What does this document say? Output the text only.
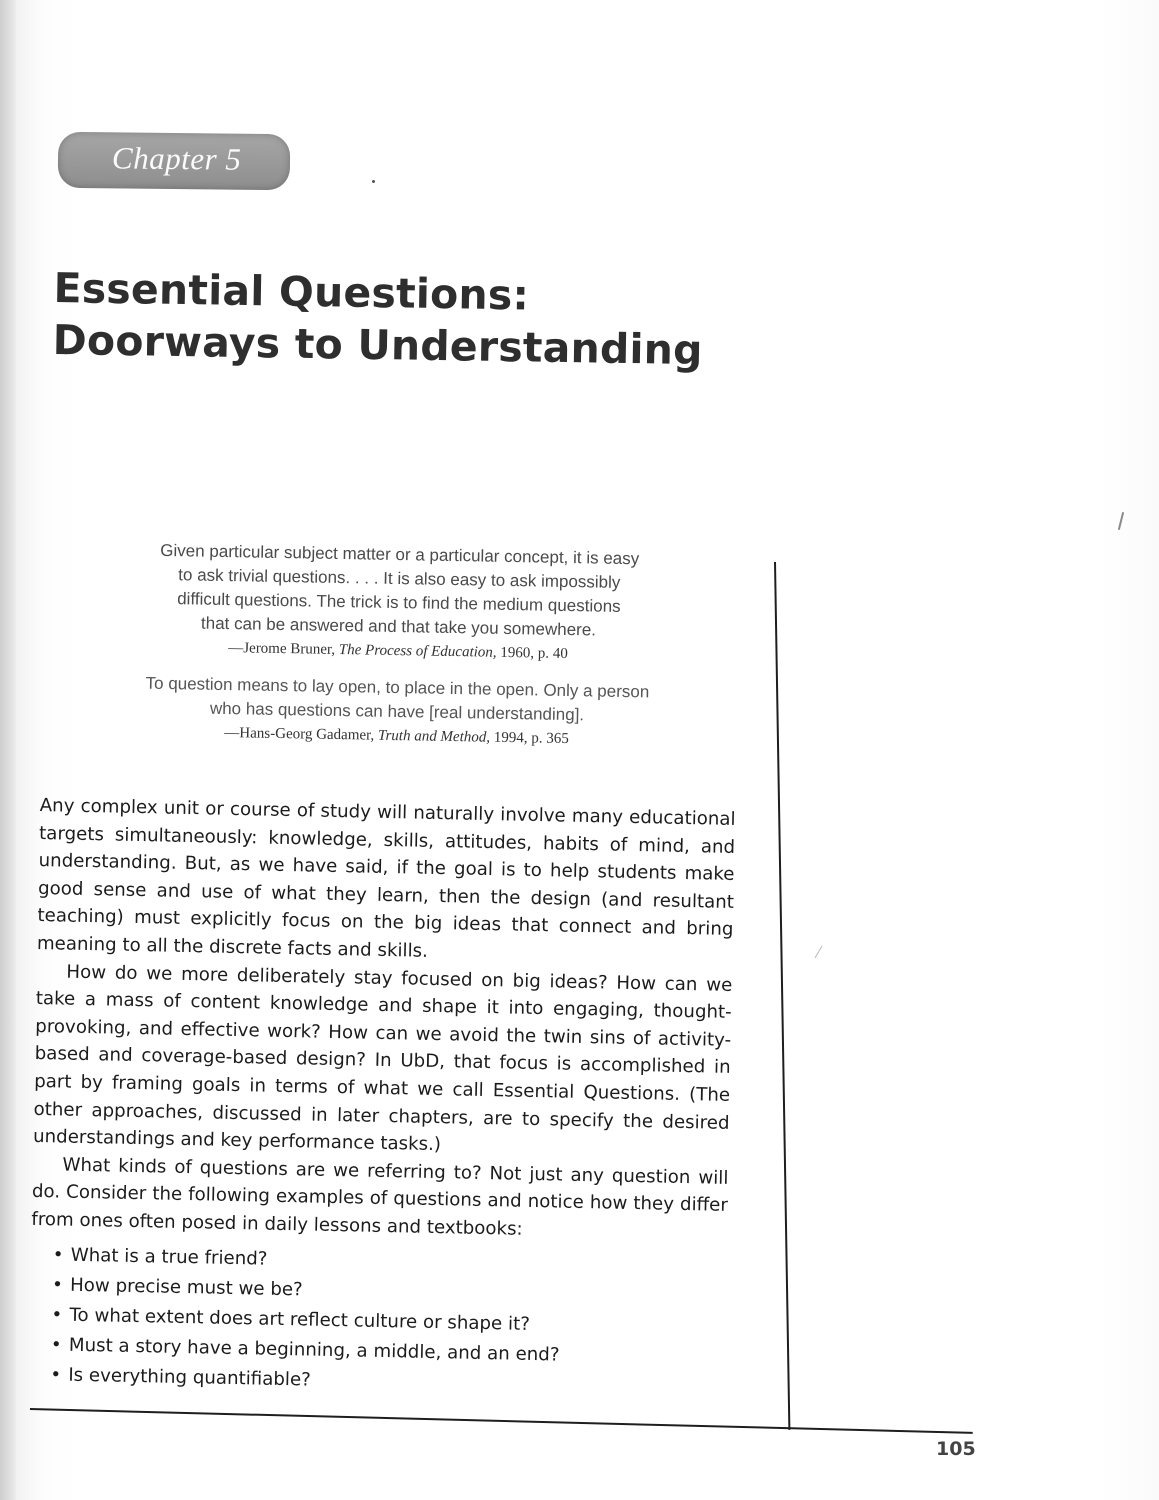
Chapter 5
Essential Questions:
Doorways to Understanding

Given particular subject matter or a particular concept, it is easy
to ask trivial questions. . . . It is also easy to ask impossibly
difficult questions. The trick is to find the medium questions
that can be answered and that take you somewhere.

—Jerome Bruner, The Process of Education, 1960, p. 40

To question means to lay open, to place in the open. Only a person
who has questions can have [real understanding].

—Hans-Georg Gadamer, Truth and Method, 1994, p. 365

Any complex unit or course of study will naturally involve many educational targets simultaneously: knowledge, skills, attitudes, habits of mind, and understanding. But, as we have said, if the goal is to help students make good sense and use of what they learn, then the design (and resultant teaching) must explicitly focus on the big ideas that connect and bring meaning to all the discrete facts and skills.

How do we more deliberately stay focused on big ideas? How can we take a mass of content knowledge and shape it into engaging, thought-provoking, and effective work? How can we avoid the twin sins of activity-based and coverage-based design? In UbD, that focus is accomplished in part by framing goals in terms of what we call Essential Questions. (The other approaches, discussed in later chapters, are to specify the desired understandings and key performance tasks.)

What kinds of questions are we referring to? Not just any question will do. Consider the following examples of questions and notice how they differ from ones often posed in daily lessons and textbooks:

• What is a true friend?
• How precise must we be?
• To what extent does art reflect culture or shape it?
• Must a story have a beginning, a middle, and an end?
• Is everything quantifiable?
105
